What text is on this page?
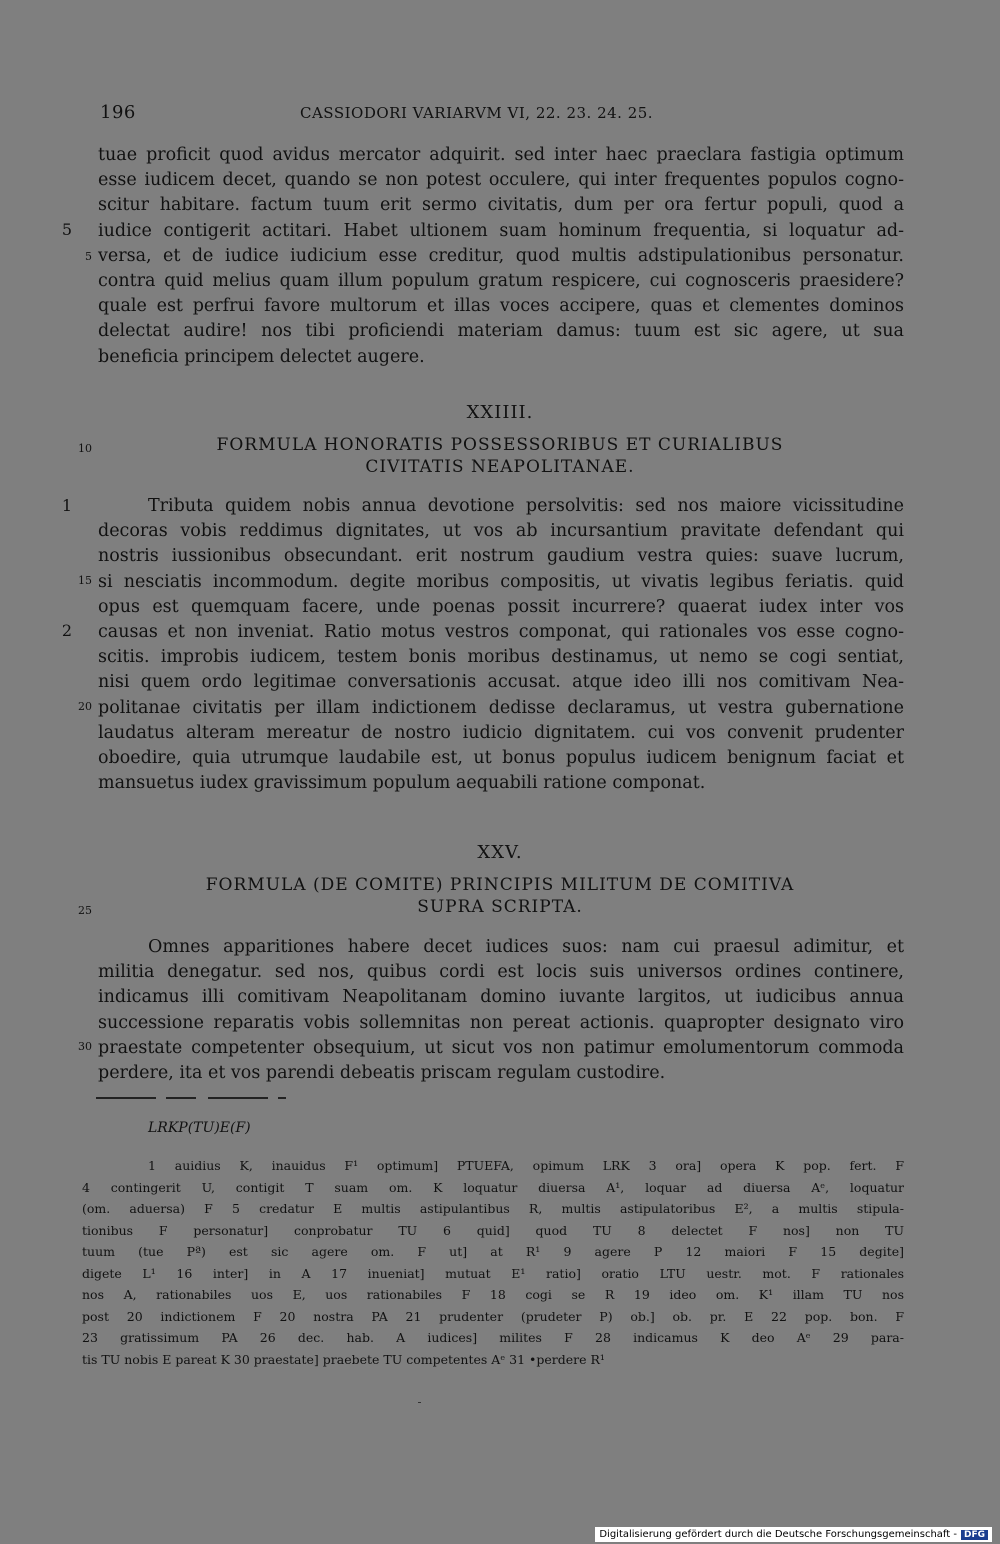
196	CASSIODORI VARIARVM VI, 22. 23. 24. 25.
tuae proficit quod avidus mercator adquirit. sed inter haec praeclara fastigia optimum
esse iudicem decet, quando se non potest occulere, qui inter frequentes populos cogno-
scitur habitare. factum tuum erit sermo civitatis, dum per ora fertur populi, quod a
iudice contigerit actitari. Habet ultionem suam hominum frequentia, si loquatur ad-
versa, et de iudice iudicium esse creditur, quod multis adstipulationibus personatur.
contra quid melius quam illum populum gratum respicere, cui cognosceris praesidere?
quale est perfrui favore multorum et illas voces accipere, quas et clementes dominos
delectat audire! nos tibi proficiendi materiam damus: tuum est sic agere, ut sua
beneficia principem delectet augere.
5
5
XXIIII.
FORMULA HONORATIS POSSESSORIBUS ET CURIALIBUS
CIVITATIS NEAPOLITANAE.
10
Tributa quidem nobis annua devotione persolvitis: sed nos maiore vicissitudine
decoras vobis reddimus dignitates, ut vos ab incursantium pravitate defendant qui
nostris iussionibus obsecundant. erit nostrum gaudium vestra quies: suave lucrum,
si nesciatis incommodum. degite moribus compositis, ut vivatis legibus feriatis. quid
opus est quemquam facere, unde poenas possit incurrere? quaerat iudex inter vos
causas et non inveniat. Ratio motus vestros componat, qui rationales vos esse cogno-
scitis. improbis iudicem, testem bonis moribus destinamus, ut nemo se cogi sentiat,
nisi quem ordo legitimae conversationis accusat. atque ideo illi nos comitivam Nea-
politanae civitatis per illam indictionem dedisse declaramus, ut vestra gubernatione
laudatus alteram mereatur de nostro iudicio dignitatem. cui vos convenit prudenter
oboedire, quia utrumque laudabile est, ut bonus populus iudicem benignum faciat et
mansuetus iudex gravissimum populum aequabili ratione componat.
1
15
2
20
XXV.
FORMULA (DE COMITE) PRINCIPIS MILITUM DE COMITIVA
SUPRA SCRIPTA.
25
Omnes apparitiones habere decet iudices suos: nam cui praesul adimitur, et
militia denegatur. sed nos, quibus cordi est locis suis universos ordines continere,
indicamus illi comitivam Neapolitanam domino iuvante largitos, ut iudicibus annua
successione reparatis vobis sollemnitas non pereat actionis. quapropter designato viro
praestate competenter obsequium, ut sicut vos non patimur emolumentorum commoda
perdere, ita et vos parendi debeatis priscam regulam custodire.
30
LRKP(TU)E(F)
1 auidius K, inauidus F¹ optimum] PTUEFA, opimum LRK 3 ora] opera K pop. fert. F
4 contingerit U, contigit T suam om. K loquatur diuersa A¹, loquar ad diuersa Aᵉ, loquatur
(om. aduersa) F 5 credatur E multis astipulantibus R, multis astipulatoribus E², a multis stipula-
tionibus F personatur] conprobatur TU 6 quid] quod TU 8 delectet F nos] non TU
tuum (tue Pª) est sic agere om. F ut] at R¹ 9 agere P 12 maiori F 15 degite]
digete L¹ 16 inter] in A 17 inueniat] mutuat E¹ ratio] oratio LTU uestr. mot. F rationales
nos A, rationabiles uos E, uos rationabiles F 18 cogi se R 19 ideo om. K¹ illam TU nos
post 20 indictionem F 20 nostra PA 21 prudenter (prudeter P) ob.] ob. pr. E 22 pop. bon. F
23 gratissimum PA 26 dec. hab. A iudices] milites F 28 indicamus K deo Aᵉ 29 para-
tis TU nobis E pareat K 30 praestate] praebete TU competentes Aᵉ 31 •perdere R¹
Digitalisierung gefördert durch die Deutsche Forschungsgemeinschaft - DFG
